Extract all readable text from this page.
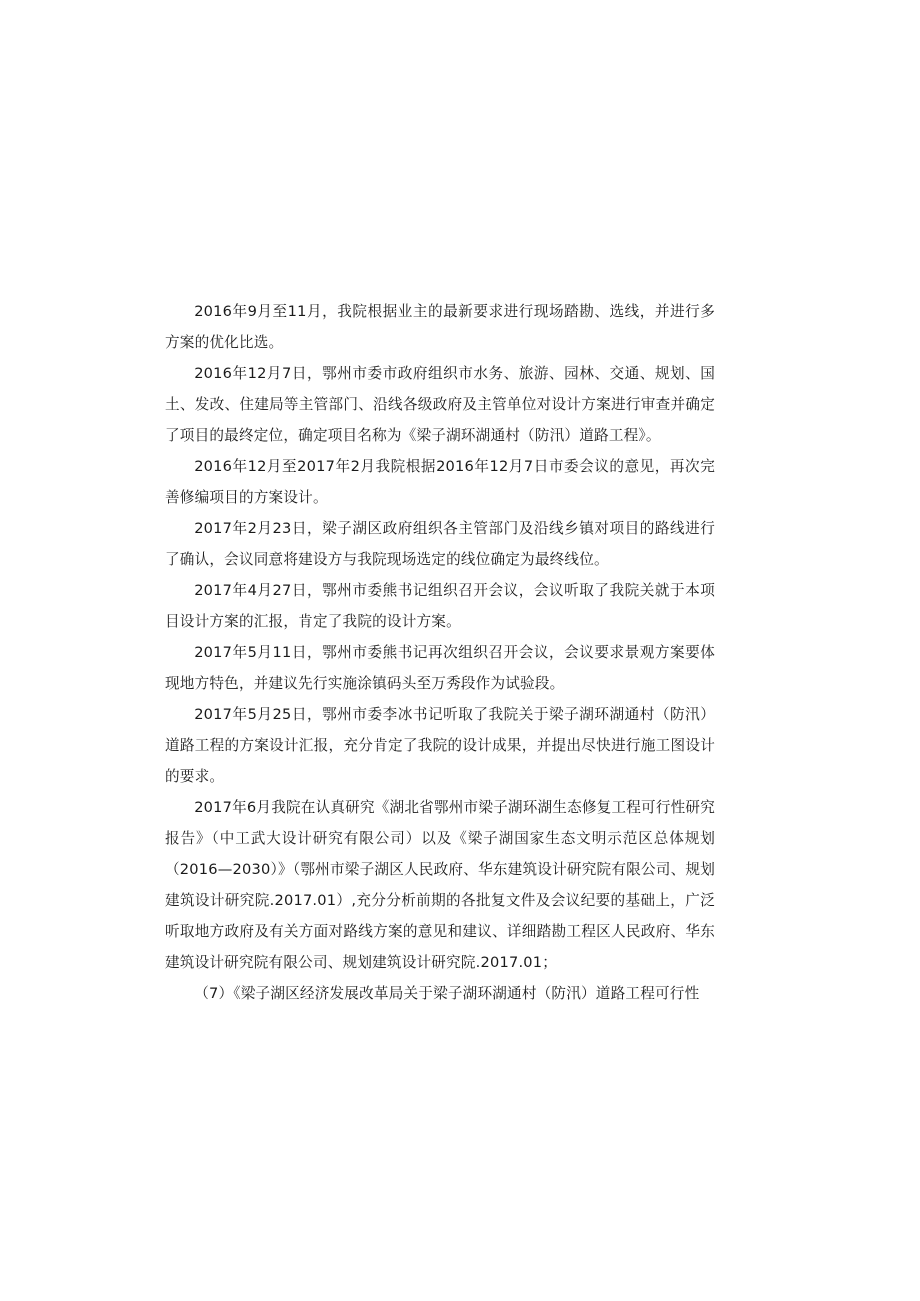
2016年9月至11月，我院根据业主的最新要求进行现场踏勘、选线，并进行多方案的优化比选。

2016年12月7日，鄂州市委市政府组织市水务、旅游、园林、交通、规划、国土、发改、住建局等主管部门、沿线各级政府及主管单位对设计方案进行审查并确定了项目的最终定位，确定项目名称为《梁子湖环湖通村（防汛）道路工程》。

2016年12月至2017年2月我院根据2016年12月7日市委会议的意见，再次完善修编项目的方案设计。

2017年2月23日，梁子湖区政府组织各主管部门及沿线乡镇对项目的路线进行了确认，会议同意将建设方与我院现场选定的线位确定为最终线位。

2017年4月27日，鄂州市委熊书记组织召开会议，会议听取了我院关就于本项目设计方案的汇报，肯定了我院的设计方案。

2017年5月11日，鄂州市委熊书记再次组织召开会议，会议要求景观方案要体现地方特色，并建议先行实施涂镇码头至万秀段作为试验段。

2017年5月25日，鄂州市委李冰书记听取了我院关于梁子湖环湖通村（防汛）道路工程的方案设计汇报，充分肯定了我院的设计成果，并提出尽快进行施工图设计的要求。

2017年6月我院在认真研究《湖北省鄂州市梁子湖环湖生态修复工程可行性研究报告》（中工武大设计研究有限公司）以及《梁子湖国家生态文明示范区总体规划（2016—2030）》（鄂州市梁子湖区人民政府、华东建筑设计研究院有限公司、规划建筑设计研究院.2017.01）,充分分析前期的各批复文件及会议纪要的基础上，广泛听取地方政府及有关方面对路线方案的意见和建议、详细踏勘工程区人民政府、华东建筑设计研究院有限公司、规划建筑设计研究院.2017.01；

（7）《梁子湖区经济发展改革局关于梁子湖环湖通村（防汛）道路工程可行性
